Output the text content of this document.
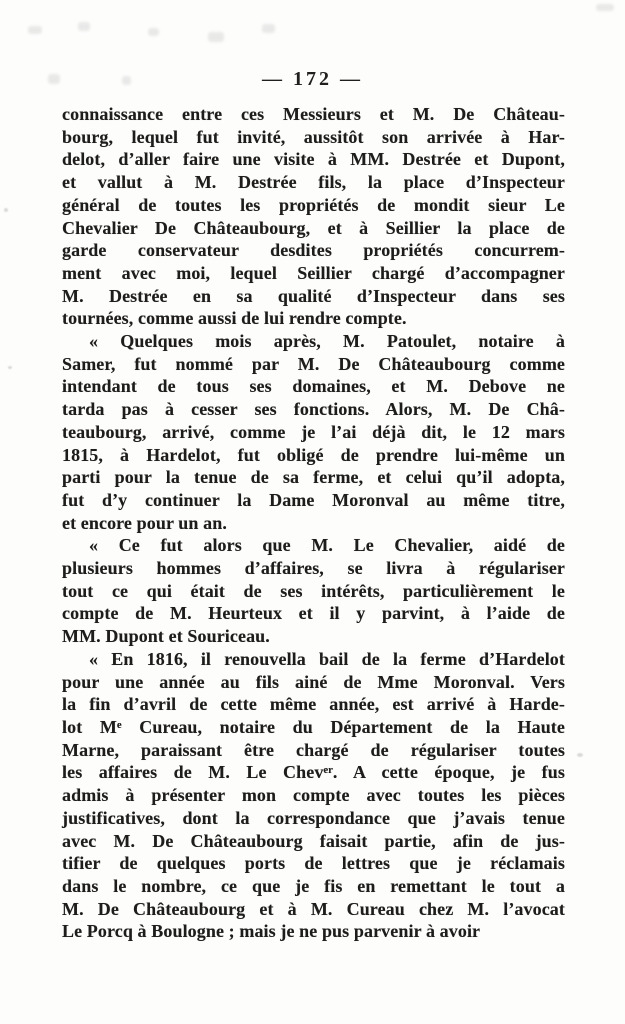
— 172 —
connaissance entre ces Messieurs et M. De Château-
bourg, lequel fut invité, aussitôt son arrivée à Har-
delot, d’aller faire une visite à MM. Destrée et Dupont,
et vallut à M. Destrée fils, la place d’Inspecteur
général de toutes les propriétés de mondit sieur Le
Chevalier De Châteaubourg, et à Seillier la place de
garde conservateur desdites propriétés concurrem-
ment avec moi, lequel Seillier chargé d’accompagner
M. Destrée en sa qualité d’Inspecteur dans ses
tournées, comme aussi de lui rendre compte.
« Quelques mois après, M. Patoulet, notaire à
Samer, fut nommé par M. De Châteaubourg comme
intendant de tous ses domaines, et M. Debove ne
tarda pas à cesser ses fonctions. Alors, M. De Châ-
teaubourg, arrivé, comme je l’ai déjà dit, le 12 mars
1815, à Hardelot, fut obligé de prendre lui-même un
parti pour la tenue de sa ferme, et celui qu’il adopta,
fut d’y continuer la Dame Moronval au même titre,
et encore pour un an.
« Ce fut alors que M. Le Chevalier, aidé de
plusieurs hommes d’affaires, se livra à régulariser
tout ce qui était de ses intérêts, particulièrement le
compte de M. Heurteux et il y parvint, à l’aide de
MM. Dupont et Souriceau.
« En 1816, il renouvella bail de la ferme d’Hardelot
pour une année au fils ainé de Mme Moronval. Vers
la fin d’avril de cette même année, est arrivé à Harde-
lot Mᵉ Cureau, notaire du Département de la Haute
Marne, paraissant être chargé de régulariser toutes
les affaires de M. Le Chevᵉʳ. A cette époque, je fus
admis à présenter mon compte avec toutes les pièces
justificatives, dont la correspondance que j’avais tenue
avec M. De Châteaubourg faisait partie, afin de jus-
tifier de quelques ports de lettres que je réclamais
dans le nombre, ce que je fis en remettant le tout a
M. De Châteaubourg et à M. Cureau chez M. l’avocat
Le Porcq à Boulogne ; mais je ne pus parvenir à avoir
